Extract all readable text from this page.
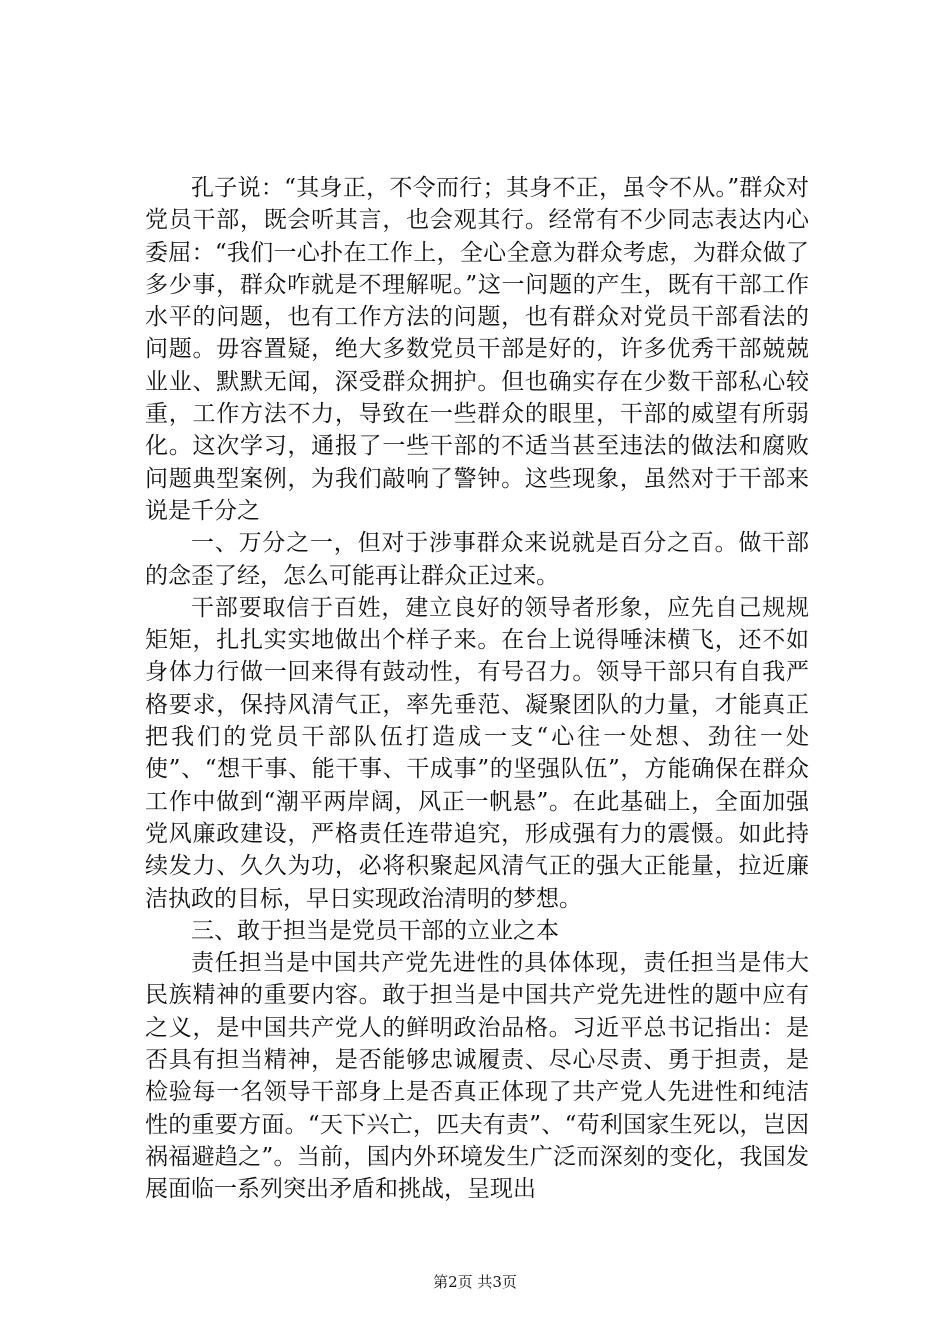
孔子说：“其身正，不令而行；其身不正，虽令不从。”群众对党员干部，既会听其言，也会观其行。经常有不少同志表达内心委屈：“我们一心扑在工作上，全心全意为群众考虑，为群众做了多少事，群众咋就是不理解呢。”这一问题的产生，既有干部工作水平的问题，也有工作方法的问题，也有群众对党员干部看法的问题。毋容置疑，绝大多数党员干部是好的，许多优秀干部兢兢业业、默默无闻，深受群众拥护。但也确实存在少数干部私心较重，工作方法不力，导致在一些群众的眼里，干部的威望有所弱化。这次学习，通报了一些干部的不适当甚至违法的做法和腐败问题典型案例，为我们敲响了警钟。这些现象，虽然对于干部来说是千分之

一、万分之一，但对于涉事群众来说就是百分之百。做干部的念歪了经，怎么可能再让群众正过来。

干部要取信于百姓，建立良好的领导者形象，应先自己规规矩矩，扎扎实实地做出个样子来。在台上说得唾沫横飞，还不如身体力行做一回来得有鼓动性，有号召力。领导干部只有自我严格要求，保持风清气正，率先垂范、凝聚团队的力量，才能真正把我们的党员干部队伍打造成一支“心往一处想、劲往一处使”、“想干事、能干事、干成事”的坚强队伍”，方能确保在群众工作中做到“潮平两岸阔，风正一帆悬”。在此基础上，全面加强党风廉政建设，严格责任连带追究，形成强有力的震慑。如此持续发力、久久为功，必将积聚起风清气正的强大正能量，拉近廉洁执政的目标，早日实现政治清明的梦想。

三、敢于担当是党员干部的立业之本

责任担当是中国共产党先进性的具体体现，责任担当是伟大民族精神的重要内容。敢于担当是中国共产党先进性的题中应有之义，是中国共产党人的鲜明政治品格。习近平总书记指出：是否具有担当精神，是否能够忠诚履责、尽心尽责、勇于担责，是检验每一名领导干部身上是否真正体现了共产党人先进性和纯洁性的重要方面。“天下兴亡，匹夫有责”、“苟利国家生死以，岂因祸福避趋之”。当前，国内外环境发生广泛而深刻的变化，我国发展面临一系列突出矛盾和挑战，呈现出

第2页 共3页
